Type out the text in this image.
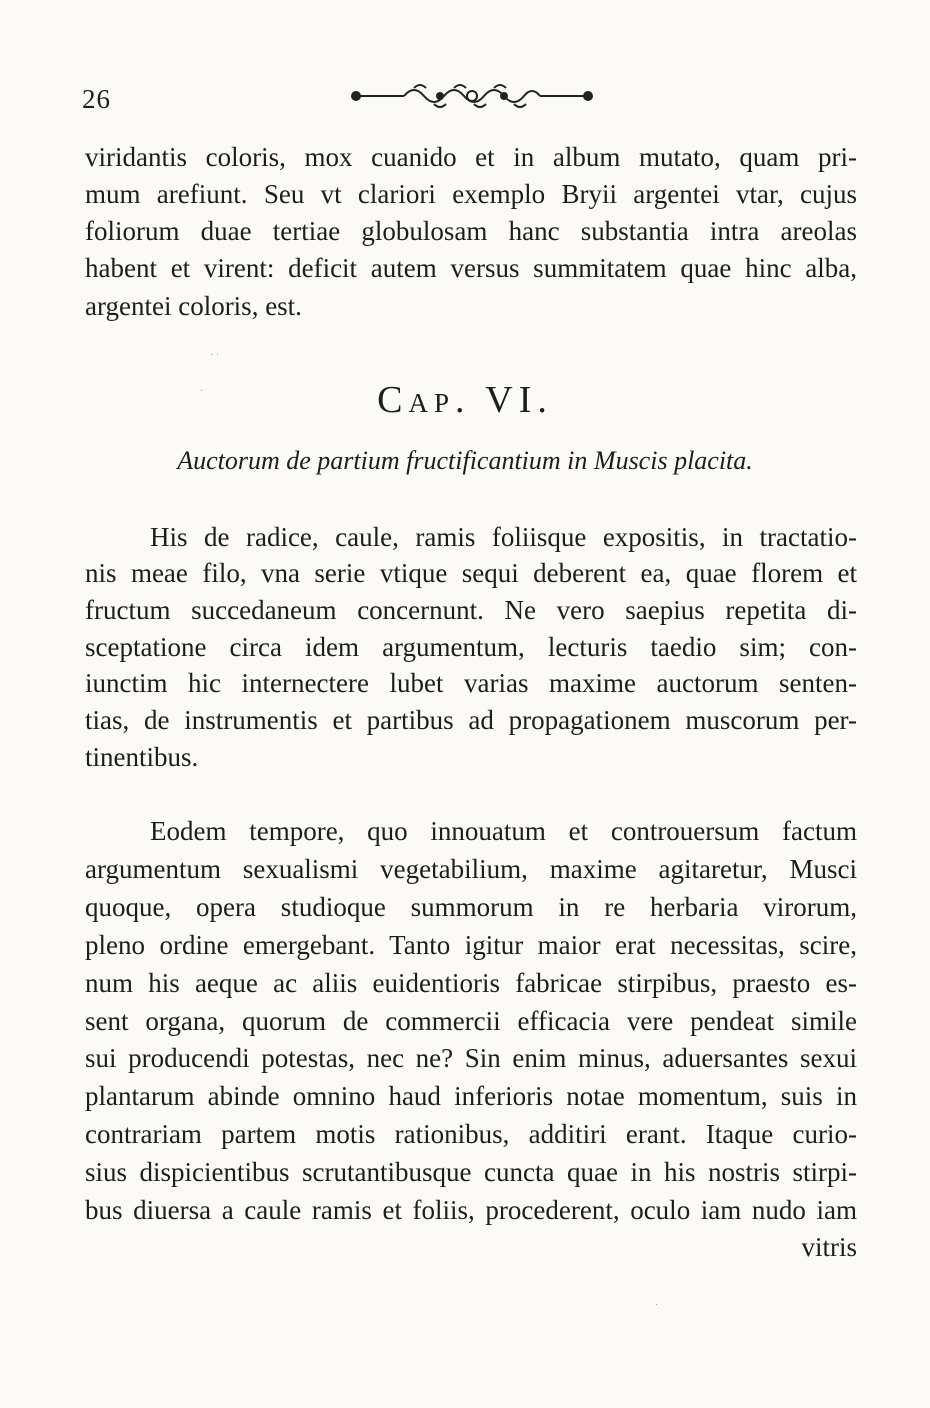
26
viridantis coloris, mox cuanido et in album mutato, quam pri-
mum arefiunt. Seu vt clariori exemplo Bryii argentei vtar, cujus
foliorum duae tertiae globulosam hanc substantia intra areolas
habent et virent: deficit autem versus summitatem quae hinc alba,
argentei coloris, est.
· ·
·	Cap. VI.
Auctorum de partium fructificantium in Muscis placita.
His de radice, caule, ramis foliisque expositis, in tractatio-
nis meae filo, vna serie vtique sequi deberent ea, quae florem et
fructum succedaneum concernunt. Ne vero saepius repetita di-
sceptatione circa idem argumentum, lecturis taedio sim; con-
iunctim hic internectere lubet varias maxime auctorum senten-
tias, de instrumentis et partibus ad propagationem muscorum per-
tinentibus.
Eodem tempore, quo innouatum et controuersum factum
argumentum sexualismi vegetabilium, maxime agitaretur, Musci
quoque, opera studioque summorum in re herbaria virorum,
pleno ordine emergebant. Tanto igitur maior erat necessitas, scire,
num his aeque ac aliis euidentioris fabricae stirpibus, praesto es-
sent organa, quorum de commercii efficacia vere pendeat simile
sui producendi potestas, nec ne? Sin enim minus, aduersantes sexui
plantarum abinde omnino haud inferioris notae momentum, suis in
contrariam partem motis rationibus, additiri erant. Itaque curio-
sius dispicientibus scrutantibusque cuncta quae in his nostris stirpi-
bus diuersa a caule ramis et foliis, procederent, oculo iam nudo iam
vitris
·
